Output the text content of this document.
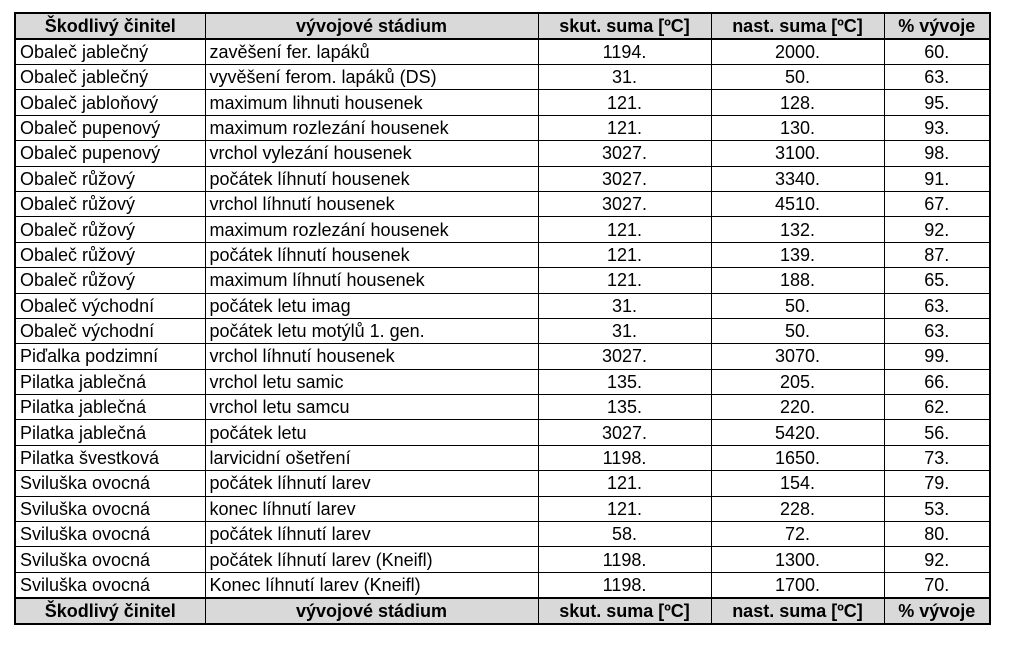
Škodlivý činitel	vývojové stádium	skut. suma [ºC]	nast. suma [ºC]	% vývoje
Obaleč jablečný	zavěšení fer. lapáků	1194.	2000.	60.
Obaleč jablečný	vyvěšení ferom. lapáků (DS)	31.	50.	63.
Obaleč jabloňový	maximum lihnuti housenek	121.	128.	95.
Obaleč pupenový	maximum rozlezání housenek	121.	130.	93.
Obaleč pupenový	vrchol vylezání housenek	3027.	3100.	98.
Obaleč růžový	počátek líhnutí housenek	3027.	3340.	91.
Obaleč růžový	vrchol líhnutí housenek	3027.	4510.	67.
Obaleč růžový	maximum rozlezání housenek	121.	132.	92.
Obaleč růžový	počátek líhnutí housenek	121.	139.	87.
Obaleč růžový	maximum líhnutí housenek	121.	188.	65.
Obaleč východní	počátek letu imag	31.	50.	63.
Obaleč východní	počátek letu motýlů 1. gen.	31.	50.	63.
Piďalka podzimní	vrchol líhnutí housenek	3027.	3070.	99.
Pilatka jablečná	vrchol letu samic	135.	205.	66.
Pilatka jablečná	vrchol letu samcu	135.	220.	62.
Pilatka jablečná	počátek letu	3027.	5420.	56.
Pilatka švestková	larvicidní ošetření	1198.	1650.	73.
Sviluška ovocná	počátek líhnutí larev	121.	154.	79.
Sviluška ovocná	konec líhnutí larev	121.	228.	53.
Sviluška ovocná	počátek líhnutí larev	58.	72.	80.
Sviluška ovocná	počátek líhnutí larev (Kneifl)	1198.	1300.	92.
Sviluška ovocná	Konec líhnutí larev (Kneifl)	1198.	1700.	70.
Škodlivý činitel	vývojové stádium	skut. suma [ºC]	nast. suma [ºC]	% vývoje
